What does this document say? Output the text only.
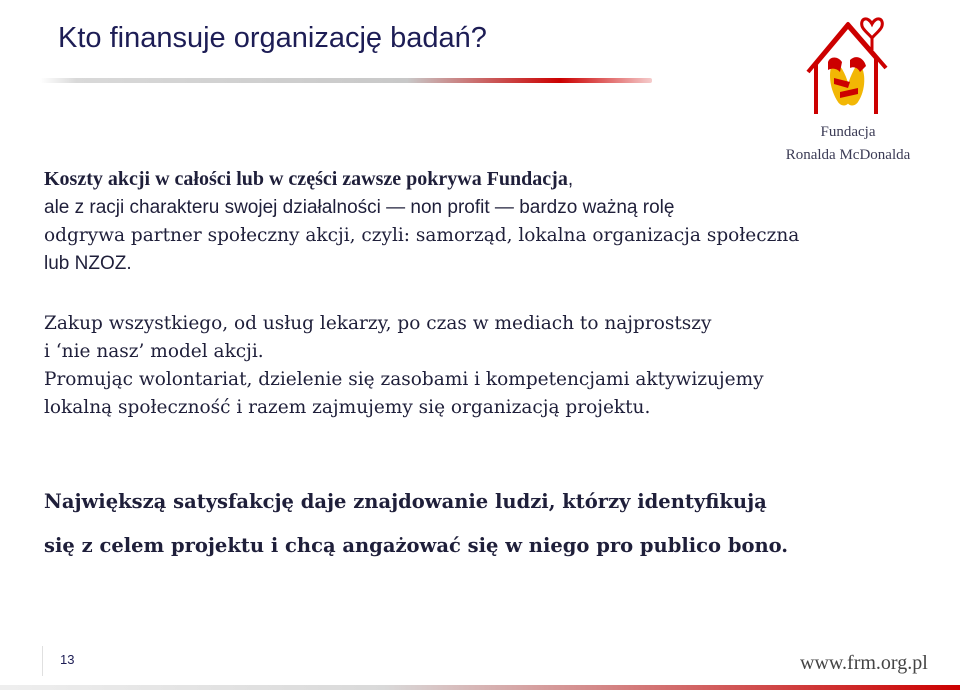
Kto finansuje organizację badań?
Fundacja
Ronalda McDonalda
Koszty akcji w całości lub w części zawsze pokrywa Fundacja,
ale z racji charakteru swojej działalności — non profit — bardzo ważną rolę
odgrywa partner społeczny akcji, czyli: samorząd, lokalna organizacja społeczna
lub NZOZ.
Zakup wszystkiego, od usług lekarzy, po czas w mediach to najprostszy
i ‘nie nasz’ model akcji.
Promując wolontariat, dzielenie się zasobami i kompetencjami aktywizujemy
lokalną społeczność i razem zajmujemy się organizacją projektu.
Największą satysfakcję daje znajdowanie ludzi, którzy identyfikują
się z celem projektu i chcą angażować się w niego pro publico bono.
13	www.frm.org.pl
